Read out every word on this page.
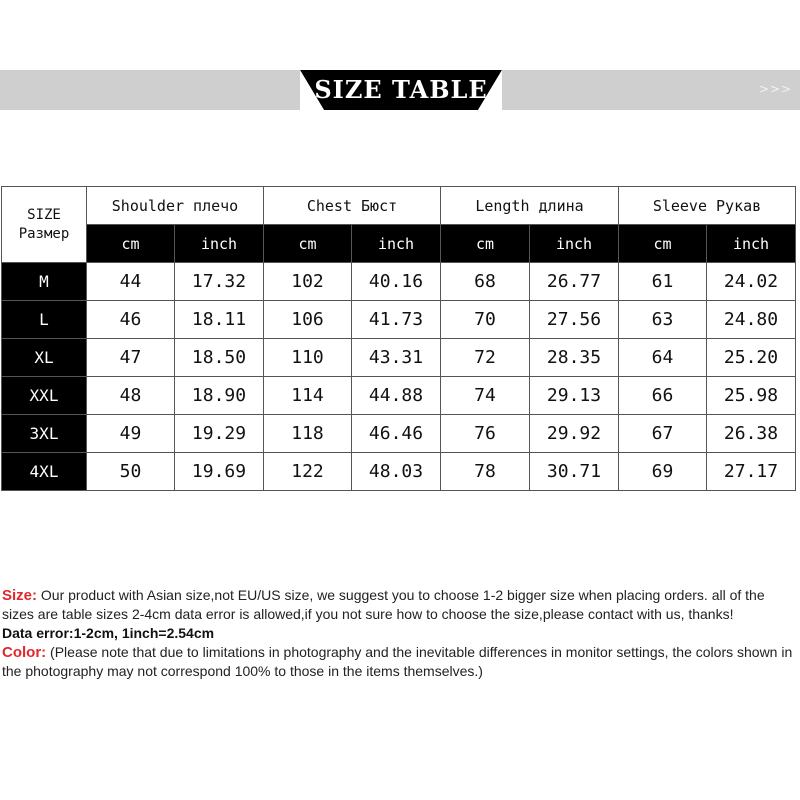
>>>
SIZE TABLE
SIZE
Размер	Shoulder плечо		Chest Бюст		Length длина		Sleeve Рукав	
	cm	inch	cm	inch	cm	inch	cm	inch
M	44	17.32	102	40.16	68	26.77	61	24.02
L	46	18.11	106	41.73	70	27.56	63	24.80
XL	47	18.50	110	43.31	72	28.35	64	25.20
XXL	48	18.90	114	44.88	74	29.13	66	25.98
3XL	49	19.29	118	46.46	76	29.92	67	26.38
4XL	50	19.69	122	48.03	78	30.71	69	27.17

Size: Our product with Asian size,not EU/US size, we suggest you to choose 1-2 bigger size when placing orders. all of the sizes are table sizes 2-4cm data error is allowed,if you not sure how to choose the size,please contact with us, thanks!

Data error:1-2cm, 1inch=2.54cm

Color: (Please note that due to limitations in photography and the inevitable differences in monitor settings, the colors shown in the photography may not correspond 100% to those in the items themselves.)
